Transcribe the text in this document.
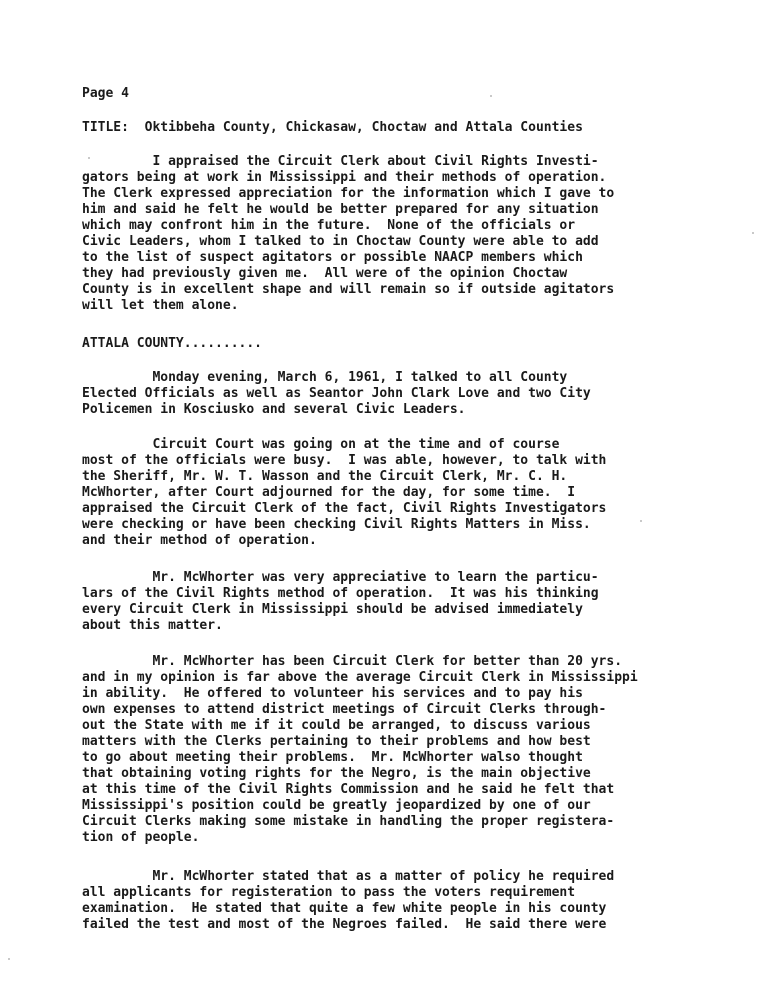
Page 4
TITLE:  Oktibbeha County, Chickasaw, Choctaw and Attala Counties
I appraised the Circuit Clerk about Civil Rights Investi-
gators being at work in Mississippi and their methods of operation.
The Clerk expressed appreciation for the information which I gave to
him and said he felt he would be better prepared for any situation
which may confront him in the future.  None of the officials or
Civic Leaders, whom I talked to in Choctaw County were able to add
to the list of suspect agitators or possible NAACP members which
they had previously given me.  All were of the opinion Choctaw
County is in excellent shape and will remain so if outside agitators
will let them alone.
ATTALA COUNTY..........
Monday evening, March 6, 1961, I talked to all County
Elected Officials as well as Seantor John Clark Love and two City
Policemen in Kosciusko and several Civic Leaders.
Circuit Court was going on at the time and of course
most of the officials were busy.  I was able, however, to talk with
the Sheriff, Mr. W. T. Wasson and the Circuit Clerk, Mr. C. H.
McWhorter, after Court adjourned for the day, for some time.  I
appraised the Circuit Clerk of the fact, Civil Rights Investigators
were checking or have been checking Civil Rights Matters in Miss.
and their method of operation.
Mr. McWhorter was very appreciative to learn the particu-
lars of the Civil Rights method of operation.  It was his thinking
every Circuit Clerk in Mississippi should be advised immediately
about this matter.
Mr. McWhorter has been Circuit Clerk for better than 20 yrs.
and in my opinion is far above the average Circuit Clerk in Mississippi
in ability.  He offered to volunteer his services and to pay his
own expenses to attend district meetings of Circuit Clerks through-
out the State with me if it could be arranged, to discuss various
matters with the Clerks pertaining to their problems and how best
to go about meeting their problems.  Mr. McWhorter walso thought
that obtaining voting rights for the Negro, is the main objective
at this time of the Civil Rights Commission and he said he felt that
Mississippi's position could be greatly jeopardized by one of our
Circuit Clerks making some mistake in handling the proper registera-
tion of people.
Mr. McWhorter stated that as a matter of policy he required
all applicants for registeration to pass the voters requirement
examination.  He stated that quite a few white people in his county
failed the test and most of the Negroes failed.  He said there were
